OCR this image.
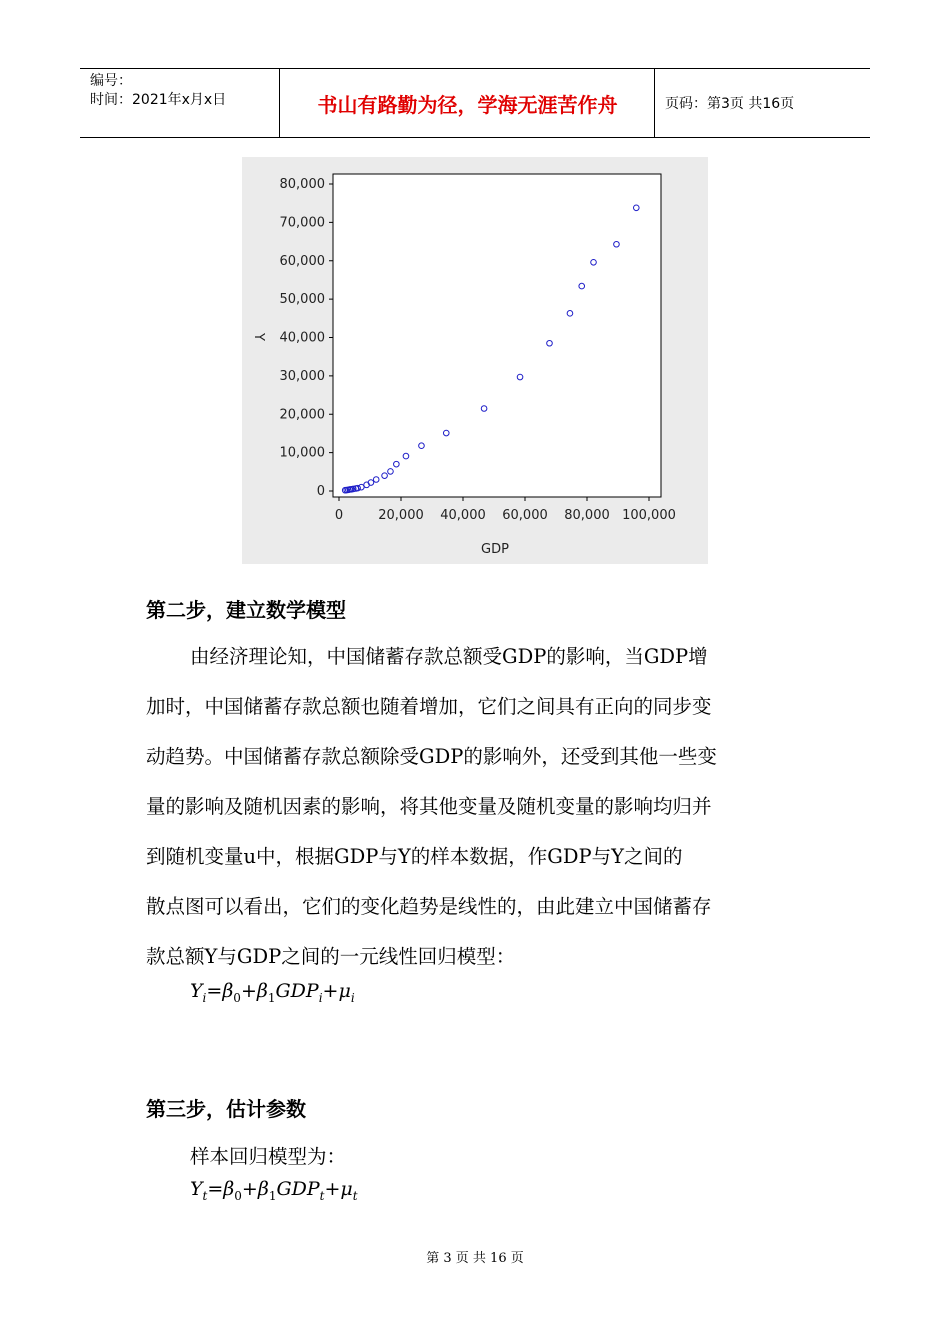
编号：
时间：2021年x月x日	书山有路勤为径，学海无涯苦作舟	页码：第3页 共16页
0
10,000
20,000
30,000
40,000
50,000
60,000
70,000
80,000
0	20,000 40,000 60,000 80,000 100,000
GDP
Y
第二步，建立数学模型
由经济理论知，中国储蓄存款总额受GDP的影响，当GDP增
加时，中国储蓄存款总额也随着增加，它们之间具有正向的同步变
动趋势。中国储蓄存款总额除受GDP的影响外，还受到其他一些变
量的影响及随机因素的影响，将其他变量及随机变量的影响均归并
到随机变量u中，根据GDP与Y的样本数据，作GDP与Y之间的
散点图可以看出，它们的变化趋势是线性的，由此建立中国储蓄存
款总额Y与GDP之间的一元线性回归模型：
$Y_i=\beta_0+\beta_1GDP_i+\mu_i$
第三步，估计参数
样本回归模型为：
$Y_t=\beta_0+\beta_1GDP_t+\mu_t$
第 3 页 共 16 页
